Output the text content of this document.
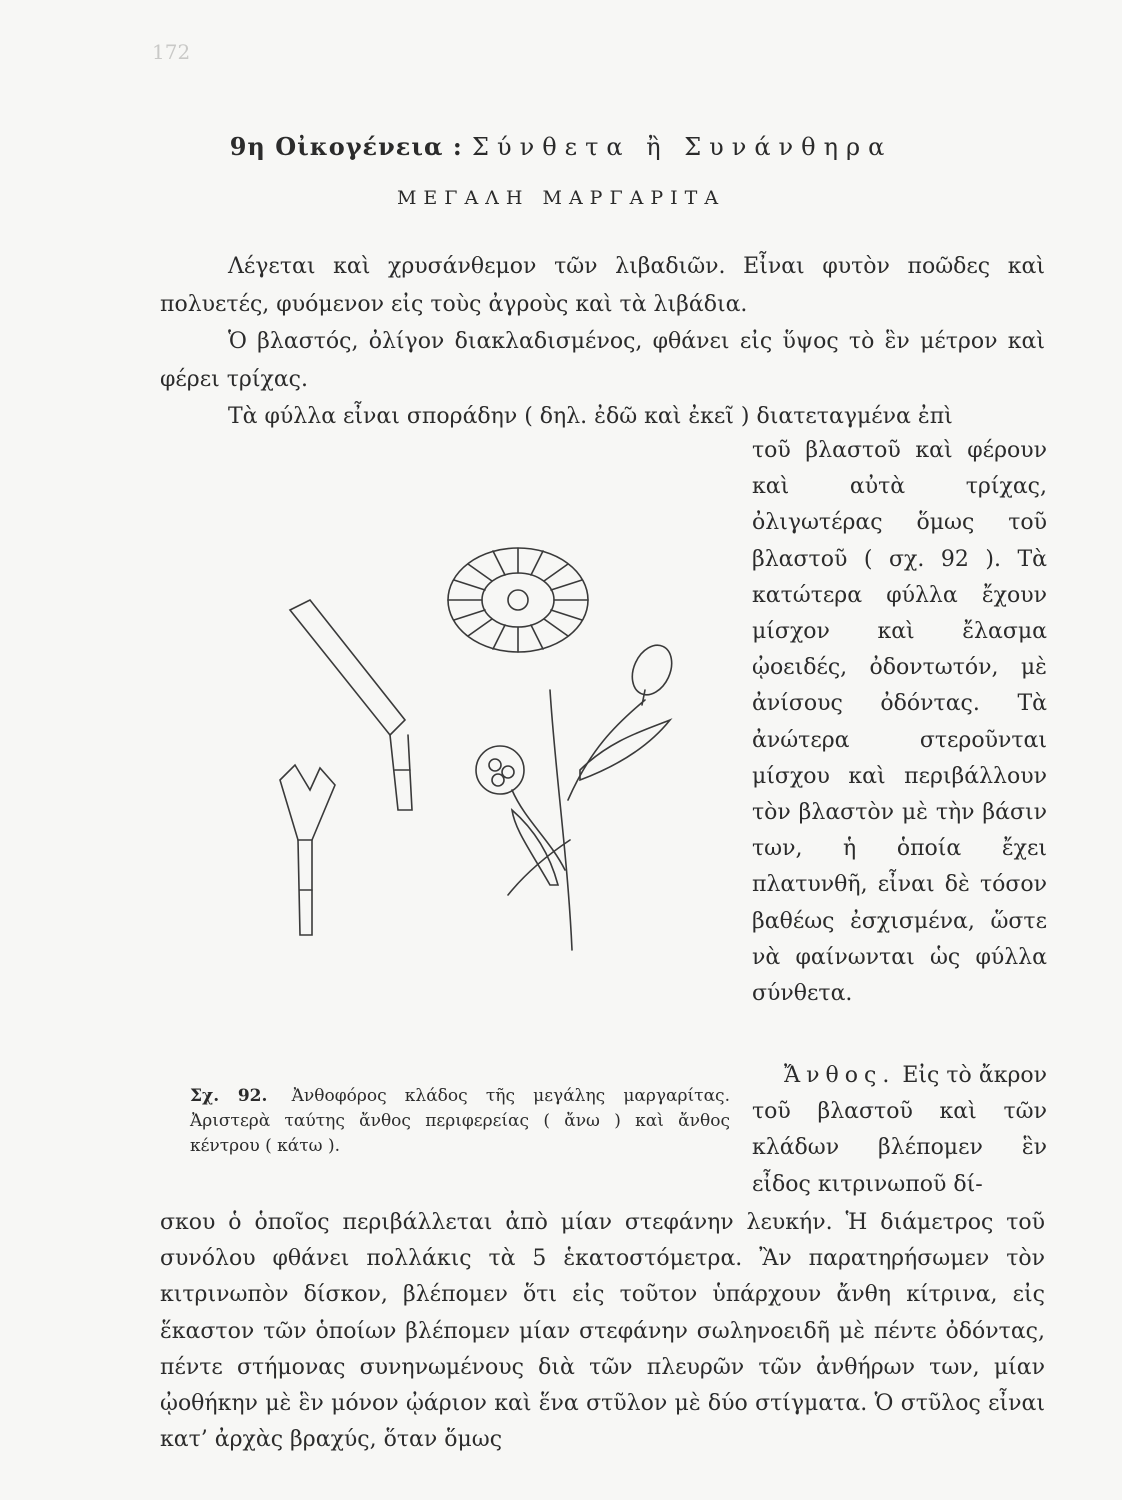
172
9η Οἰκογένεια : Σύνθετα ἢ Συνάνθηρα
ΜΕΓΑΛΗ ΜΑΡΓΑΡΙΤΑ

Λέγεται καὶ χρυσάνθεμον τῶν λιβαδιῶν. Εἶναι φυτὸν ποῶδες καὶ πολυετές, φυόμενον εἰς τοὺς ἀγροὺς καὶ τὰ λιβάδια.

Ὁ βλαστός, ὀλίγον διακλαδισμένος, φθάνει εἰς ὕψος τὸ ἓν μέτρον καὶ φέρει τρίχας.

Τὰ φύλλα εἶναι σποράδην ( δηλ. ἐδῶ καὶ ἐκεῖ ) διατεταγμένα ἐπὶ

τοῦ βλαστοῦ καὶ φέρουν καὶ αὐτὰ τρίχας, ὀλιγωτέρας ὅμως τοῦ βλαστοῦ ( σχ. 92 ). Τὰ κατώτερα φύλλα ἔχουν μίσχον καὶ ἔλασμα ᾠοειδές, ὀδοντωτόν, μὲ ἀνίσους ὀδόντας. Τὰ ἀνώτερα στεροῦνται μίσχου καὶ περιβάλλουν τὸν βλαστὸν μὲ τὴν βάσιν των, ἡ ὁποία ἔχει πλατυνθῆ, εἶναι δὲ τόσον βαθέως ἐσχισμένα, ὥστε νὰ φαίνωνται ὡς φύλλα σύνθετα.
Σχ. 92. Ἀνθοφόρος κλάδος τῆς μεγάλης μαργαρίτας. Ἀριστερὰ ταύτης ἄνθος περιφερείας ( ἄνω ) καὶ ἄνθος κέντρου ( κάτω ).
Ἄνθος. Εἰς τὸ ἄκρον τοῦ βλαστοῦ καὶ τῶν κλάδων βλέπομεν ἓν εἶδος κιτρινωποῦ δί-
σκου ὁ ὁποῖος περιβάλλεται ἀπὸ μίαν στεφάνην λευκήν. Ἡ διάμετρος τοῦ συνόλου φθάνει πολλάκις τὰ 5 ἑκατοστόμετρα. Ἂν παρατηρήσωμεν τὸν κιτρινωπὸν δίσκον, βλέπομεν ὅτι εἰς τοῦτον ὑπάρχουν ἄνθη κίτρινα, εἰς ἕκαστον τῶν ὁποίων βλέπομεν μίαν στεφάνην σωληνοειδῆ μὲ πέντε ὀδόντας, πέντε στήμονας συνηνωμένους διὰ τῶν πλευρῶν τῶν ἀνθήρων των, μίαν ᾠοθήκην μὲ ἓν μόνον ᾠάριον καὶ ἕνα στῦλον μὲ δύο στίγματα. Ὁ στῦλος εἶναι κατ’ ἀρχὰς βραχύς, ὅταν ὅμως
